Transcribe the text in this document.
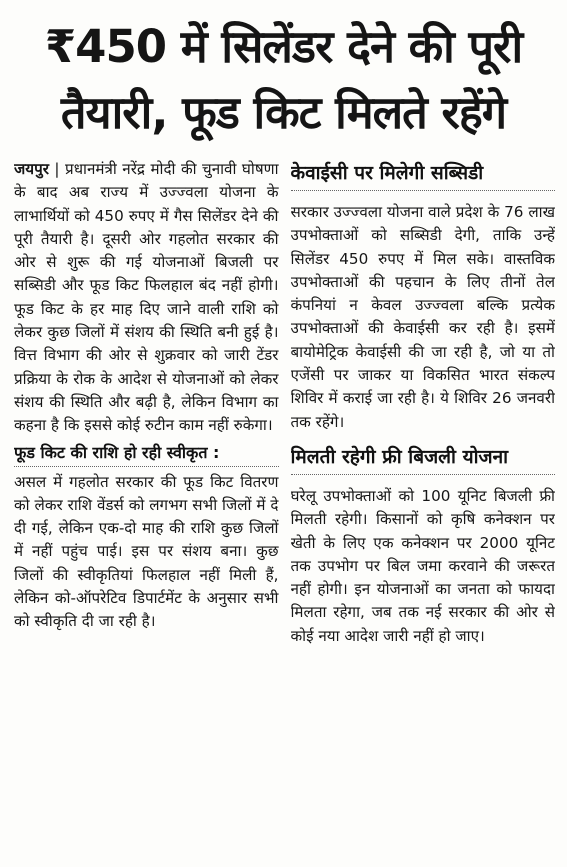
₹450 में सिलेंडर देने की पूरी
तैयारी, फूड किट मिलते रहेंगे

जयपुर | प्रधानमंत्री नरेंद्र मोदी की चुनावी घोषणा के बाद अब राज्य में उज्ज्वला योजना के लाभार्थियों को 450 रुपए में गैस सिलेंडर देने की पूरी तैयारी है। दूसरी ओर गहलोत सरकार की ओर से शुरू की गई योजनाओं बिजली पर सब्सिडी और फूड किट फिलहाल बंद नहीं होगी। फूड किट के हर माह दिए जाने वाली राशि को लेकर कुछ जिलों में संशय की स्थिति बनी हुई है। वित्त विभाग की ओर से शुक्रवार को जारी टेंडर प्रक्रिया के रोक के आदेश से योजनाओं को लेकर संशय की स्थिति और बढ़ी है, लेकिन विभाग का कहना है कि इससे कोई रुटीन काम नहीं रुकेगा।

फूड किट की राशि हो रही स्वीकृत :

असल में गहलोत सरकार की फूड किट वितरण को लेकर राशि वेंडर्स को लगभग सभी जिलों में दे दी गई, लेकिन एक-दो माह की राशि कुछ जिलों में नहीं पहुंच पाई। इस पर संशय बना। कुछ जिलों की स्वीकृतियां फिलहाल नहीं मिली हैं, लेकिन को-ऑपरेटिव डिपार्टमेंट के अनुसार सभी को स्वीकृति दी जा रही है।

केवाईसी पर मिलेगी सब्सिडी

सरकार उज्ज्वला योजना वाले प्रदेश के 76 लाख उपभोक्ताओं को सब्सिडी देगी, ताकि उन्हें सिलेंडर 450 रुपए में मिल सके। वास्तविक उपभोक्ताओं की पहचान के लिए तीनों तेल कंपनियां न केवल उज्ज्वला बल्कि प्रत्येक उपभोक्ताओं की केवाईसी कर रही है। इसमें बायोमेट्रिक केवाईसी की जा रही है, जो या तो एजेंसी पर जाकर या विकसित भारत संकल्प शिविर में कराई जा रही है। ये शिविर 26 जनवरी तक रहेंगे।

मिलती रहेगी फ्री बिजली योजना

घरेलू उपभोक्ताओं को 100 यूनिट बिजली फ्री मिलती रहेगी। किसानों को कृषि कनेक्शन पर खेती के लिए एक कनेक्शन पर 2000 यूनिट तक उपभोग पर बिल जमा करवाने की जरूरत नहीं होगी। इन योजनाओं का जनता को फायदा मिलता रहेगा, जब तक नई सरकार की ओर से कोई नया आदेश जारी नहीं हो जाए।
